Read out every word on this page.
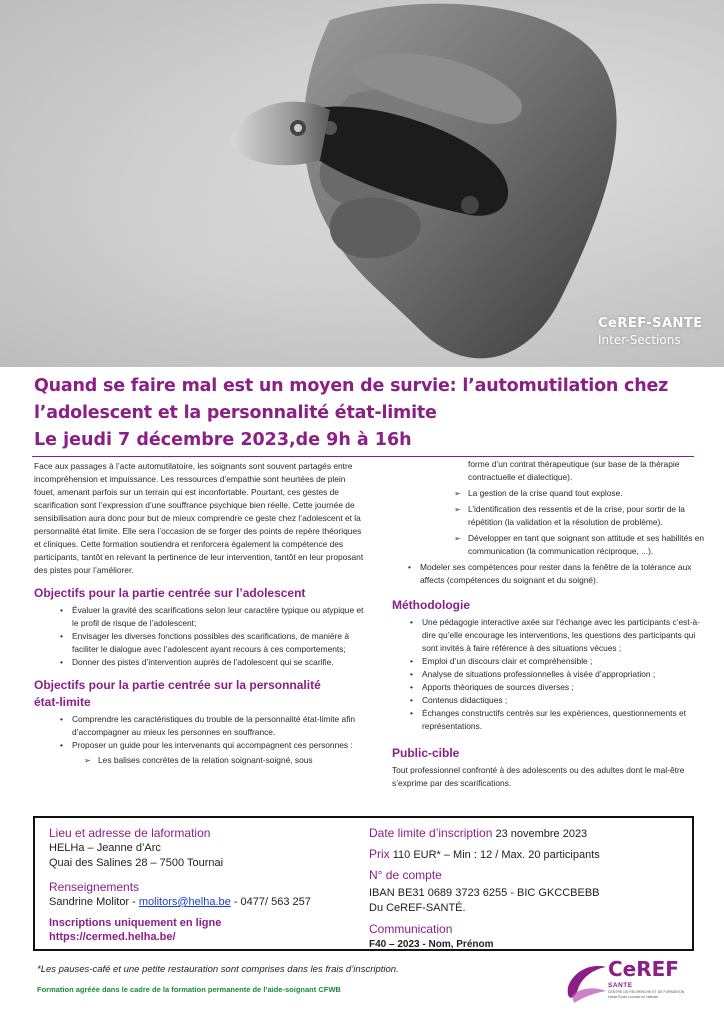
CeREF-SANTE
Inter-Sections
Quand se faire mal est un moyen de survie: l’automutilation chez
l’adolescent et la personnalité état-limite
Le jeudi 7 décembre 2023,de 9h à 16h

Face aux passages à l’acte automutilatoire, les soignants sont souvent partagés entre incompréhension et impuissance. Les ressources d’empathie sont heurtées de plein fouet, amenant parfois sur un terrain qui est inconfortable. Pourtant, ces gestes de scarification sont l’expression d’une souffrance psychique bien réelle. Cette journée de sensibilisation aura donc pour but de mieux comprendre ce geste chez l’adolescent et la personnalité état limite. Elle sera l’occasion de se forger des points de repère théoriques et cliniques. Cette formation soutiendra et renforcera également la compétence des participants, tantôt en relevant la pertinence de leur intervention, tantôt en leur proposant des pistes pour l’améliorer.

Objectifs pour la partie centrée sur l’adolescent
• Évaluer la gravité des scarifications selon leur caractère typique ou atypique et le profil de risque de l’adolescent;
• Envisager les diverses fonctions possibles des scarifications, de manière à faciliter le dialogue avec l’adolescent ayant recours à ces comportements;
• Donner des pistes d’intervention auprès de l’adolescent qui se scarifie.
Objectifs pour la partie centrée sur la personnalité état-limite
• Comprendre les caractéristiques du trouble de la personnalité état-limite afin d’accompagner au mieux les personnes en souffrance.
• Proposer un guide pour les intervenants qui accompagnent ces personnes :
➢ Les balises concrètes de la relation soignant-soigné, sous

forme d’un contrat thérapeutique (sur base de la thérapie contractuelle et dialectique).

➢ La gestion de la crise quand tout explose.
➢ L’identification des ressentis et de la crise, pour sortir de la répétition (la validation et la résolution de problème).
➢ Développer en tant que soignant son attitude et ses habilités en communication (la communication réciproque, ...).
• Modeler ses compétences pour rester dans la fenêtre de la tolérance aux affects (compétences du soignant et du soigné).
Méthodologie
• Une pédagogie interactive axée sur l’échange avec les participants c’est-à-dire qu’elle encourage les interventions, les questions des participants qui sont invités à faire référence à des situations vécues ;
• Emploi d’un discours clair et compréhensible ;
• Analyse de situations professionnelles à visée d’appropriation ;
• Apports théoriques de sources diverses ;
• Contenus didactiques ;
• Échanges constructifs centrés sur les expériences, questionnements et représentations.
Public-cible

Tout professionnel confronté à des adolescents ou des adultes dont le mal-être s’exprime par des scarifications.

Lieu et adresse de laformation
HELHa – Jeanne d’Arc
Quai des Salines 28 – 7500 Tournai
Renseignements
Sandrine Molitor - molitors@helha.be - 0477/ 563 257
Inscriptions uniquement en ligne
https://cermed.helha.be/
Date limite d’inscription 23 novembre 2023
Prix 110 EUR* – Min : 12 / Max. 20 participants
N° de compte
IBAN BE31 0689 3723 6255 - BIC GKCCBEBB
Du CeREF-SANTÉ.
Communication
F40 – 2023 - Nom, Prénom
*Les pauses-café et une petite restauration sont comprises dans les frais d’inscription.
Formation agréée dans le cadre de la formation permanente de l’aide-soignant CFWB
CeREF
SANTE
CENTRE DE RECHERCHE ET DE FORMATION
Haute École Louvain en Hainaut
